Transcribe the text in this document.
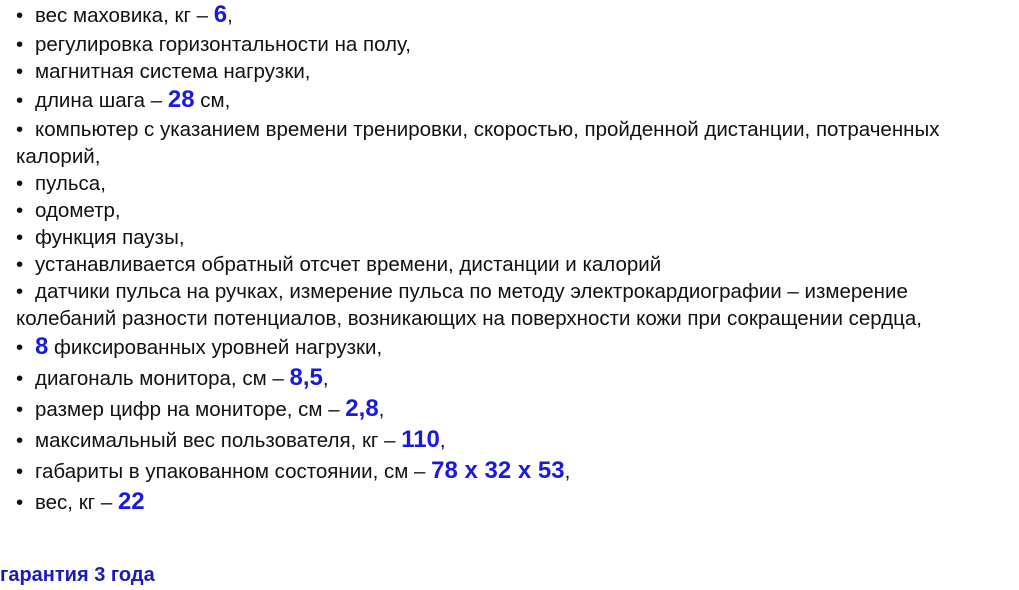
• вес маховика, кг – 6,
• регулировка горизонтальности на полу,
• магнитная система нагрузки,
• длина шага – 28 см,
• компьютер с указанием времени тренировки, скоростью, пройденной дистанции, потраченных калорий,
• пульса,
• одометр,
• функция паузы,
• устанавливается обратный отсчет времени, дистанции и калорий
• датчики пульса на ручках, измерение пульса по методу электрокардиографии – измерение колебаний разности потенциалов, возникающих на поверхности кожи при сокращении сердца,
• 8 фиксированных уровней нагрузки,
• диагональ монитора, см – 8,5,
• размер цифр на мониторе, см – 2,8,
• максимальный вес пользователя, кг – 110,
• габариты в упакованном состоянии, см – 78 x 32 x 53,
• вес, кг – 22

гарантия 3 года
